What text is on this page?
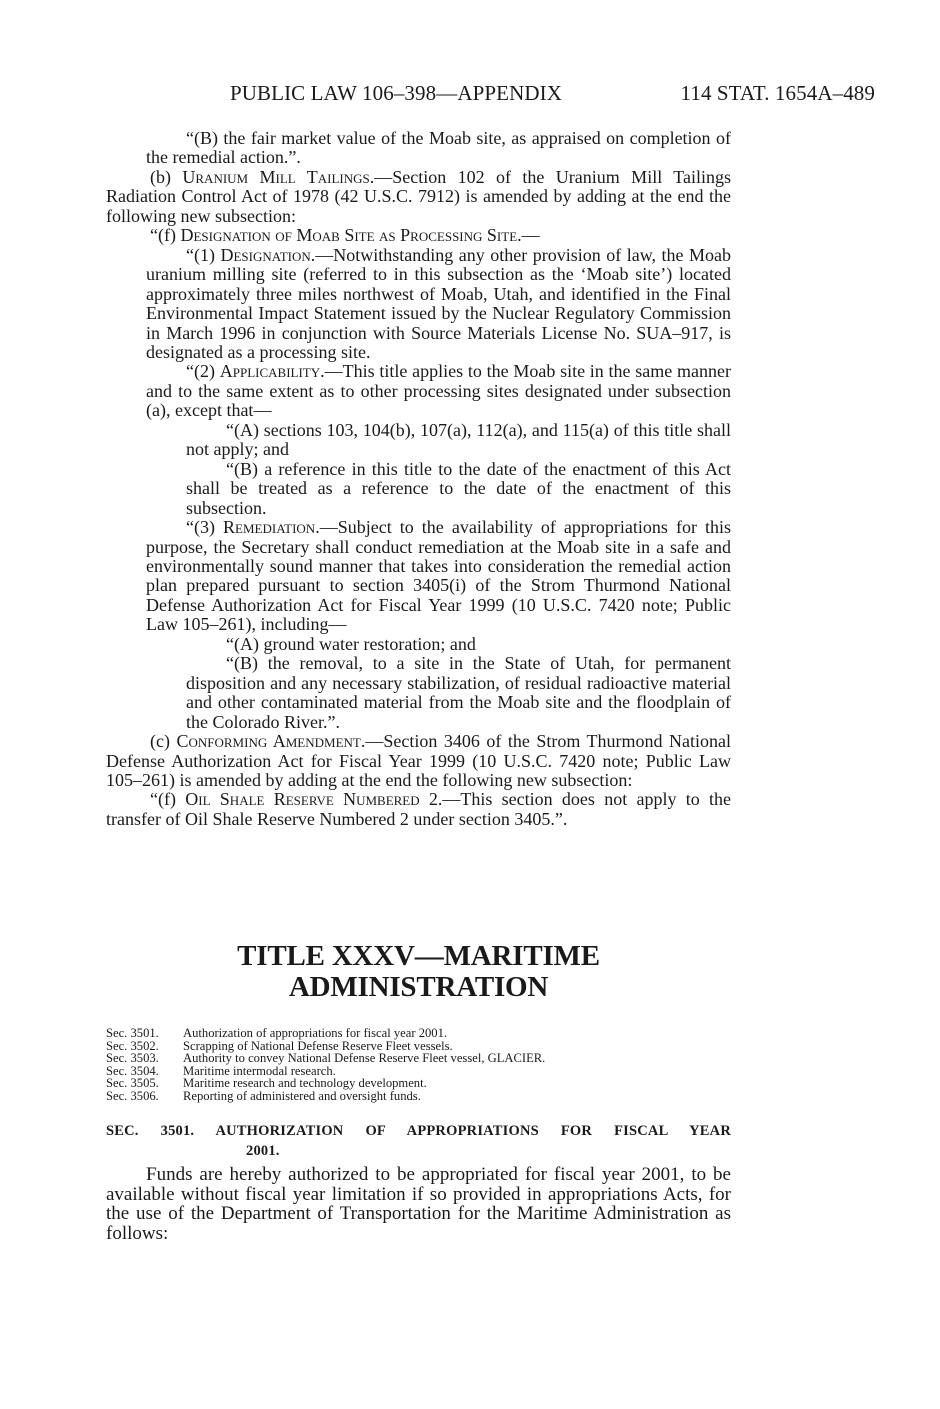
PUBLIC LAW 106–398—APPENDIX	114 STAT. 1654A–489

“(B) the fair market value of the Moab site, as appraised on completion of the remedial action.”.

(b) Uranium Mill Tailings.—Section 102 of the Uranium Mill Tailings Radiation Control Act of 1978 (42 U.S.C. 7912) is amended by adding at the end the following new subsection:

“(f) Designation of Moab Site as Processing Site.—

“(1) Designation.—Notwithstanding any other provision of law, the Moab uranium milling site (referred to in this subsection as the ‘Moab site’) located approximately three miles northwest of Moab, Utah, and identified in the Final Environmental Impact Statement issued by the Nuclear Regulatory Commission in March 1996 in conjunction with Source Materials License No. SUA–917, is designated as a processing site.

“(2) Applicability.—This title applies to the Moab site in the same manner and to the same extent as to other processing sites designated under subsection (a), except that—

“(A) sections 103, 104(b), 107(a), 112(a), and 115(a) of this title shall not apply; and

“(B) a reference in this title to the date of the enactment of this Act shall be treated as a reference to the date of the enactment of this subsection.

“(3) Remediation.—Subject to the availability of appropriations for this purpose, the Secretary shall conduct remediation at the Moab site in a safe and environmentally sound manner that takes into consideration the remedial action plan prepared pursuant to section 3405(i) of the Strom Thurmond National Defense Authorization Act for Fiscal Year 1999 (10 U.S.C. 7420 note; Public Law 105–261), including—

“(A) ground water restoration; and

“(B) the removal, to a site in the State of Utah, for permanent disposition and any necessary stabilization, of residual radioactive material and other contaminated material from the Moab site and the floodplain of the Colorado River.”.

(c) Conforming Amendment.—Section 3406 of the Strom Thurmond National Defense Authorization Act for Fiscal Year 1999 (10 U.S.C. 7420 note; Public Law 105–261) is amended by adding at the end the following new subsection:

“(f) Oil Shale Reserve Numbered 2.—This section does not apply to the transfer of Oil Shale Reserve Numbered 2 under section 3405.”.

TITLE XXXV—MARITIME
ADMINISTRATION
Sec. 3501. Authorization of appropriations for fiscal year 2001.
Sec. 3502. Scrapping of National Defense Reserve Fleet vessels.
Sec. 3503. Authority to convey National Defense Reserve Fleet vessel, GLACIER.
Sec. 3504. Maritime intermodal research.
Sec. 3505. Maritime research and technology development.
Sec. 3506. Reporting of administered and oversight funds.
SEC. 3501. AUTHORIZATION OF APPROPRIATIONS FOR FISCAL YEAR
2001.

Funds are hereby authorized to be appropriated for fiscal year 2001, to be available without fiscal year limitation if so provided in appropriations Acts, for the use of the Department of Transportation for the Maritime Administration as follows:
